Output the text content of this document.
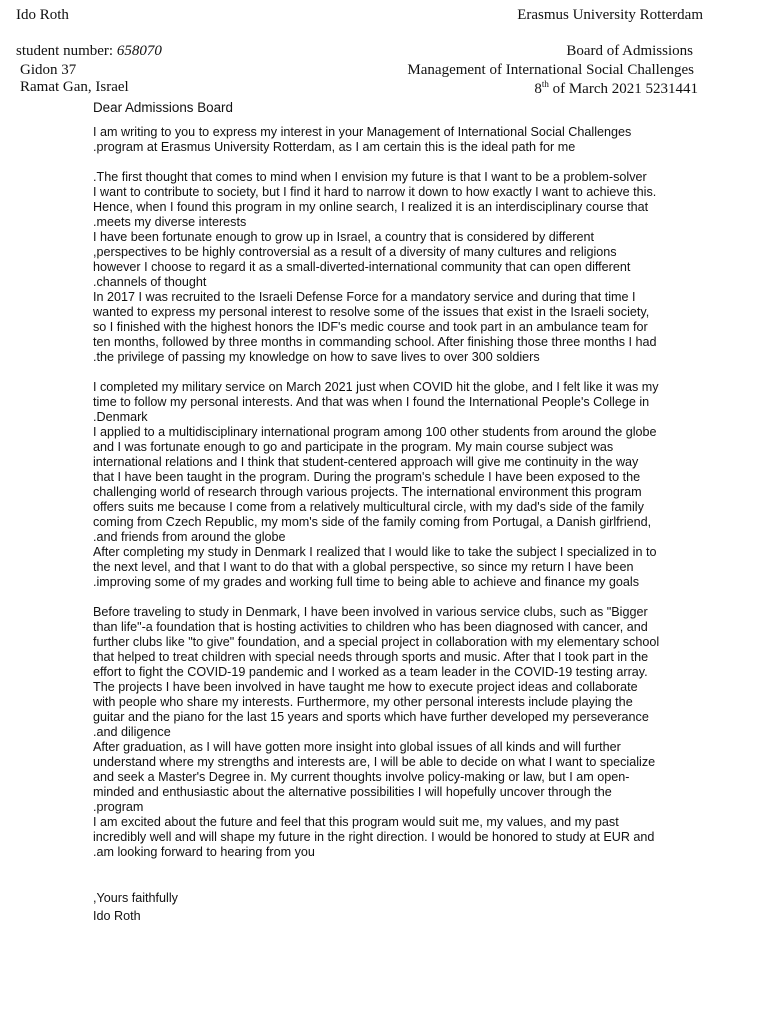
Ido Roth	Erasmus University Rotterdam
student number: 658070	Board of Admissions
Gidon 37	Management of International Social Challenges
Ramat Gan, Israel	8th of March 2021 5231441
Dear Admissions Board
I am writing to you to express my interest in your Management of International Social Challenges
.program at Erasmus University Rotterdam, as I am certain this is the ideal path for me
.The first thought that comes to mind when I envision my future is that I want to be a problem-solver
I want to contribute to society, but I find it hard to narrow it down to how exactly I want to achieve this.
Hence, when I found this program in my online search, I realized it is an interdisciplinary course that
.meets my diverse interests
I have been fortunate enough to grow up in Israel, a country that is considered by different
,perspectives to be highly controversial as a result of a diversity of many cultures and religions
however I choose to regard it as a small-diverted-international community that can open different
.channels of thought
In 2017 I was recruited to the Israeli Defense Force for a mandatory service and during that time I
wanted to express my personal interest to resolve some of the issues that exist in the Israeli society,
so I finished with the highest honors the IDF's medic course and took part in an ambulance team for
ten months, followed by three months in commanding school. After finishing those three months I had
.the privilege of passing my knowledge on how to save lives to over 300 soldiers
I completed my military service on March 2021 just when COVID hit the globe, and I felt like it was my
time to follow my personal interests. And that was when I found the International People's College in
.Denmark
I applied to a multidisciplinary international program among 100 other students from around the globe
and I was fortunate enough to go and participate in the program. My main course subject was
international relations and I think that student-centered approach will give me continuity in the way
that I have been taught in the program. During the program's schedule I have been exposed to the
challenging world of research through various projects. The international environment this program
offers suits me because I come from a relatively multicultural circle, with my dad's side of the family
coming from Czech Republic, my mom's side of the family coming from Portugal, a Danish girlfriend,
.and friends from around the globe
After completing my study in Denmark I realized that I would like to take the subject I specialized in to
the next level, and that I want to do that with a global perspective, so since my return I have been
.improving some of my grades and working full time to being able to achieve and finance my goals
Before traveling to study in Denmark, I have been involved in various service clubs, such as "Bigger
than life"-a foundation that is hosting activities to children who has been diagnosed with cancer, and
further clubs like "to give" foundation, and a special project in collaboration with my elementary school
that helped to treat children with special needs through sports and music. After that I took part in the
effort to fight the COVID-19 pandemic and I worked as a team leader in the COVID-19 testing array.
The projects I have been involved in have taught me how to execute project ideas and collaborate
with people who share my interests. Furthermore, my other personal interests include playing the
guitar and the piano for the last 15 years and sports which have further developed my perseverance
.and diligence
After graduation, as I will have gotten more insight into global issues of all kinds and will further
understand where my strengths and interests are, I will be able to decide on what I want to specialize
and seek a Master's Degree in. My current thoughts involve policy-making or law, but I am open-
minded and enthusiastic about the alternative possibilities I will hopefully uncover through the
.program
I am excited about the future and feel that this program would suit me, my values, and my past
incredibly well and will shape my future in the right direction. I would be honored to study at EUR and
.am looking forward to hearing from you
,Yours faithfully
Ido Roth
